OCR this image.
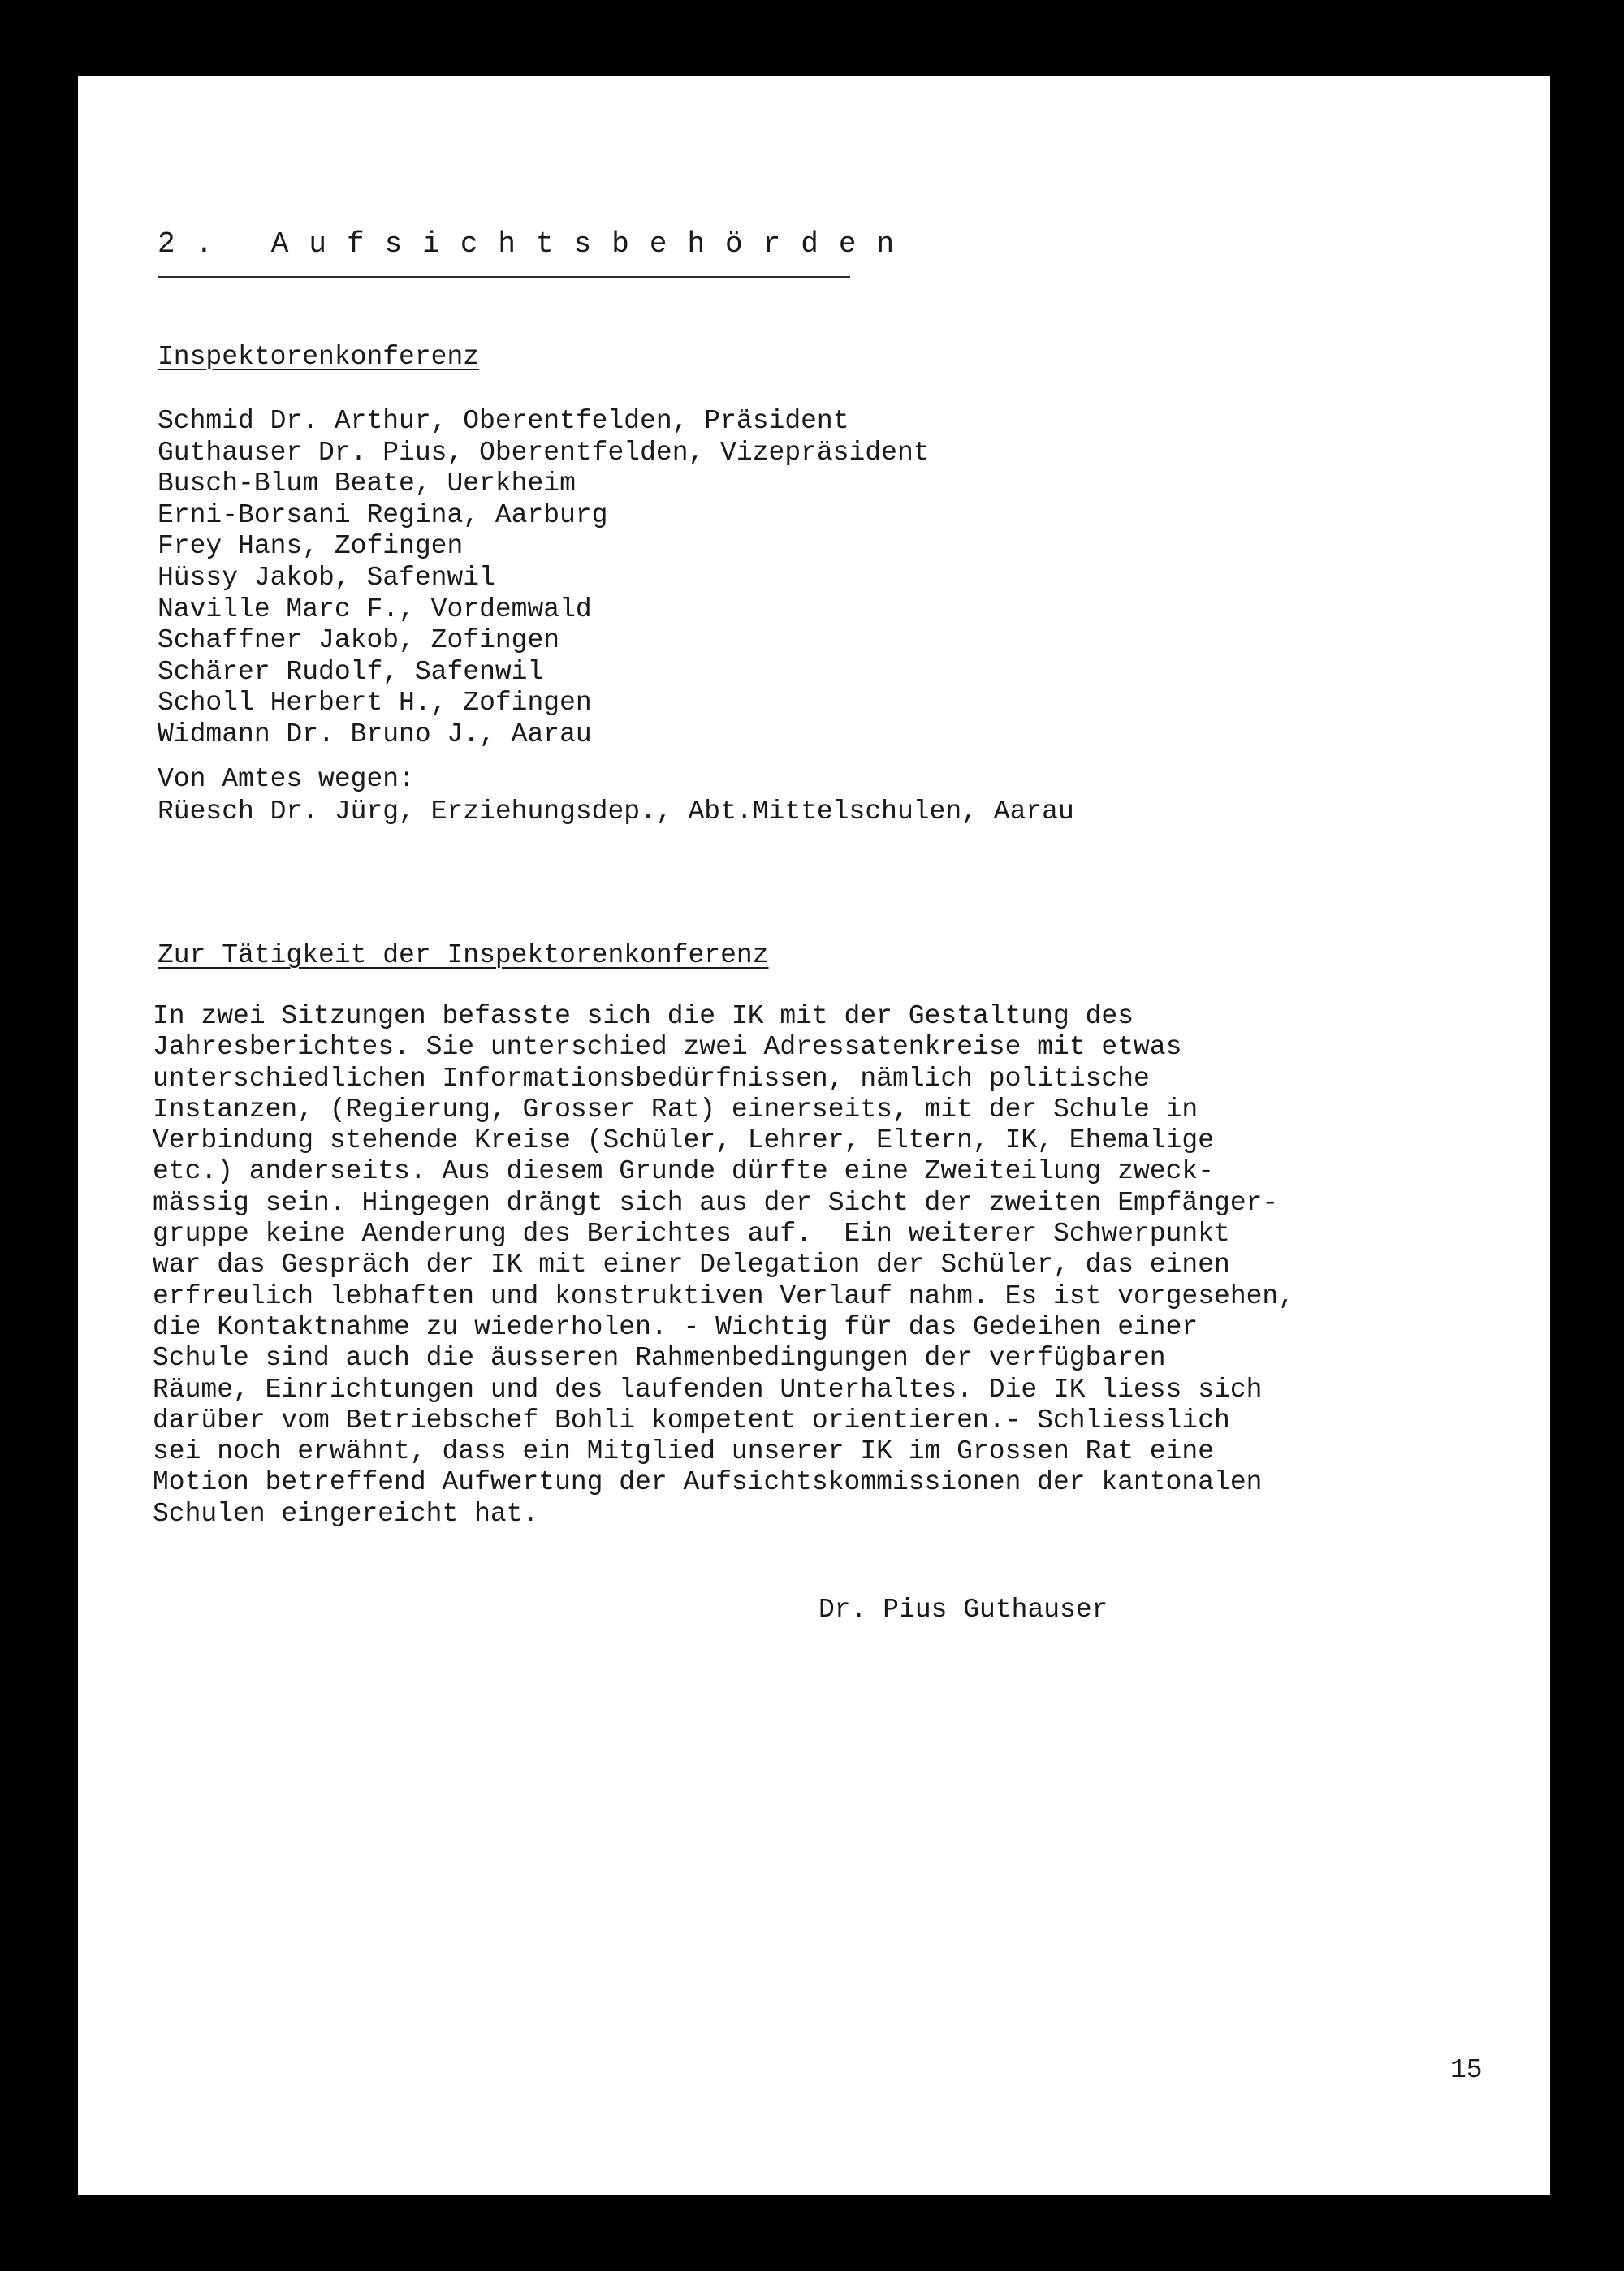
2. Aufsichtsbehörden
Inspektorenkonferenz
Schmid Dr. Arthur, Oberentfelden, Präsident
Guthauser Dr. Pius, Oberentfelden, Vizepräsident
Busch-Blum Beate, Uerkheim
Erni-Borsani Regina, Aarburg
Frey Hans, Zofingen
Hüssy Jakob, Safenwil
Naville Marc F., Vordemwald
Schaffner Jakob, Zofingen
Schärer Rudolf, Safenwil
Scholl Herbert H., Zofingen
Widmann Dr. Bruno J., Aarau
Von Amtes wegen:
Rüesch Dr. Jürg, Erziehungsdep., Abt.Mittelschulen, Aarau
Zur Tätigkeit der Inspektorenkonferenz
In zwei Sitzungen befasste sich die IK mit der Gestaltung des
Jahresberichtes. Sie unterschied zwei Adressatenkreise mit etwas
unterschiedlichen Informationsbedürfnissen, nämlich politische
Instanzen, (Regierung, Grosser Rat) einerseits, mit der Schule in
Verbindung stehende Kreise (Schüler, Lehrer, Eltern, IK, Ehemalige
etc.) anderseits. Aus diesem Grunde dürfte eine Zweiteilung zweck-
mässig sein. Hingegen drängt sich aus der Sicht der zweiten Empfänger-
gruppe keine Aenderung des Berichtes auf.  Ein weiterer Schwerpunkt
war das Gespräch der IK mit einer Delegation der Schüler, das einen
erfreulich lebhaften und konstruktiven Verlauf nahm. Es ist vorgesehen,
die Kontaktnahme zu wiederholen. - Wichtig für das Gedeihen einer
Schule sind auch die äusseren Rahmenbedingungen der verfügbaren
Räume, Einrichtungen und des laufenden Unterhaltes. Die IK liess sich
darüber vom Betriebschef Bohli kompetent orientieren.- Schliesslich
sei noch erwähnt, dass ein Mitglied unserer IK im Grossen Rat eine
Motion betreffend Aufwertung der Aufsichtskommissionen der kantonalen
Schulen eingereicht hat.
Dr. Pius Guthauser
15
